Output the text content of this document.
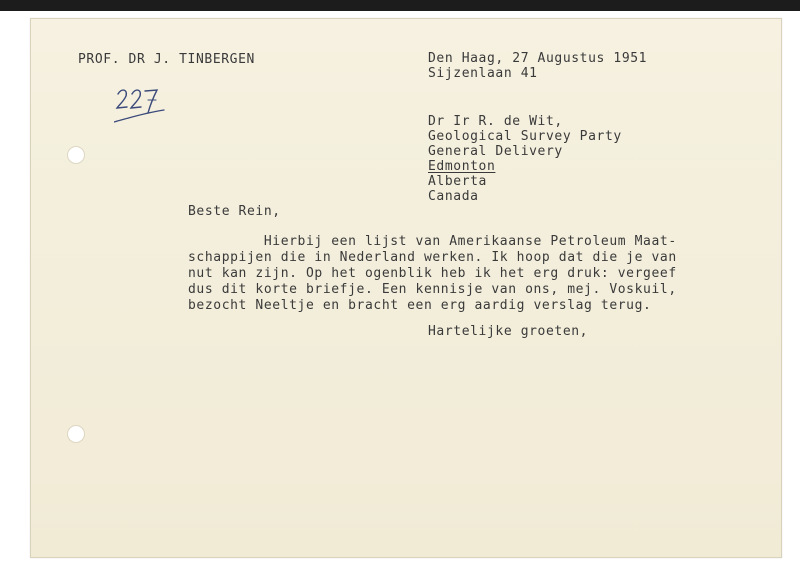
PROF. DR J. TINBERGEN	Den Haag, 27 Augustus 1951
Sijzenlaan 41
Dr Ir R. de Wit,
Geological Survey Party
General Delivery
Edmonton
Alberta
Canada
Beste Rein,
Hierbij een lijst van Amerikaanse Petroleum Maat-
schappijen die in Nederland werken. Ik hoop dat die je van
nut kan zijn. Op het ogenblik heb ik het erg druk: vergeef
dus dit korte briefje. Een kennisje van ons, mej. Voskuil,
bezocht Neeltje en bracht een erg aardig verslag terug.
Hartelijke groeten,
